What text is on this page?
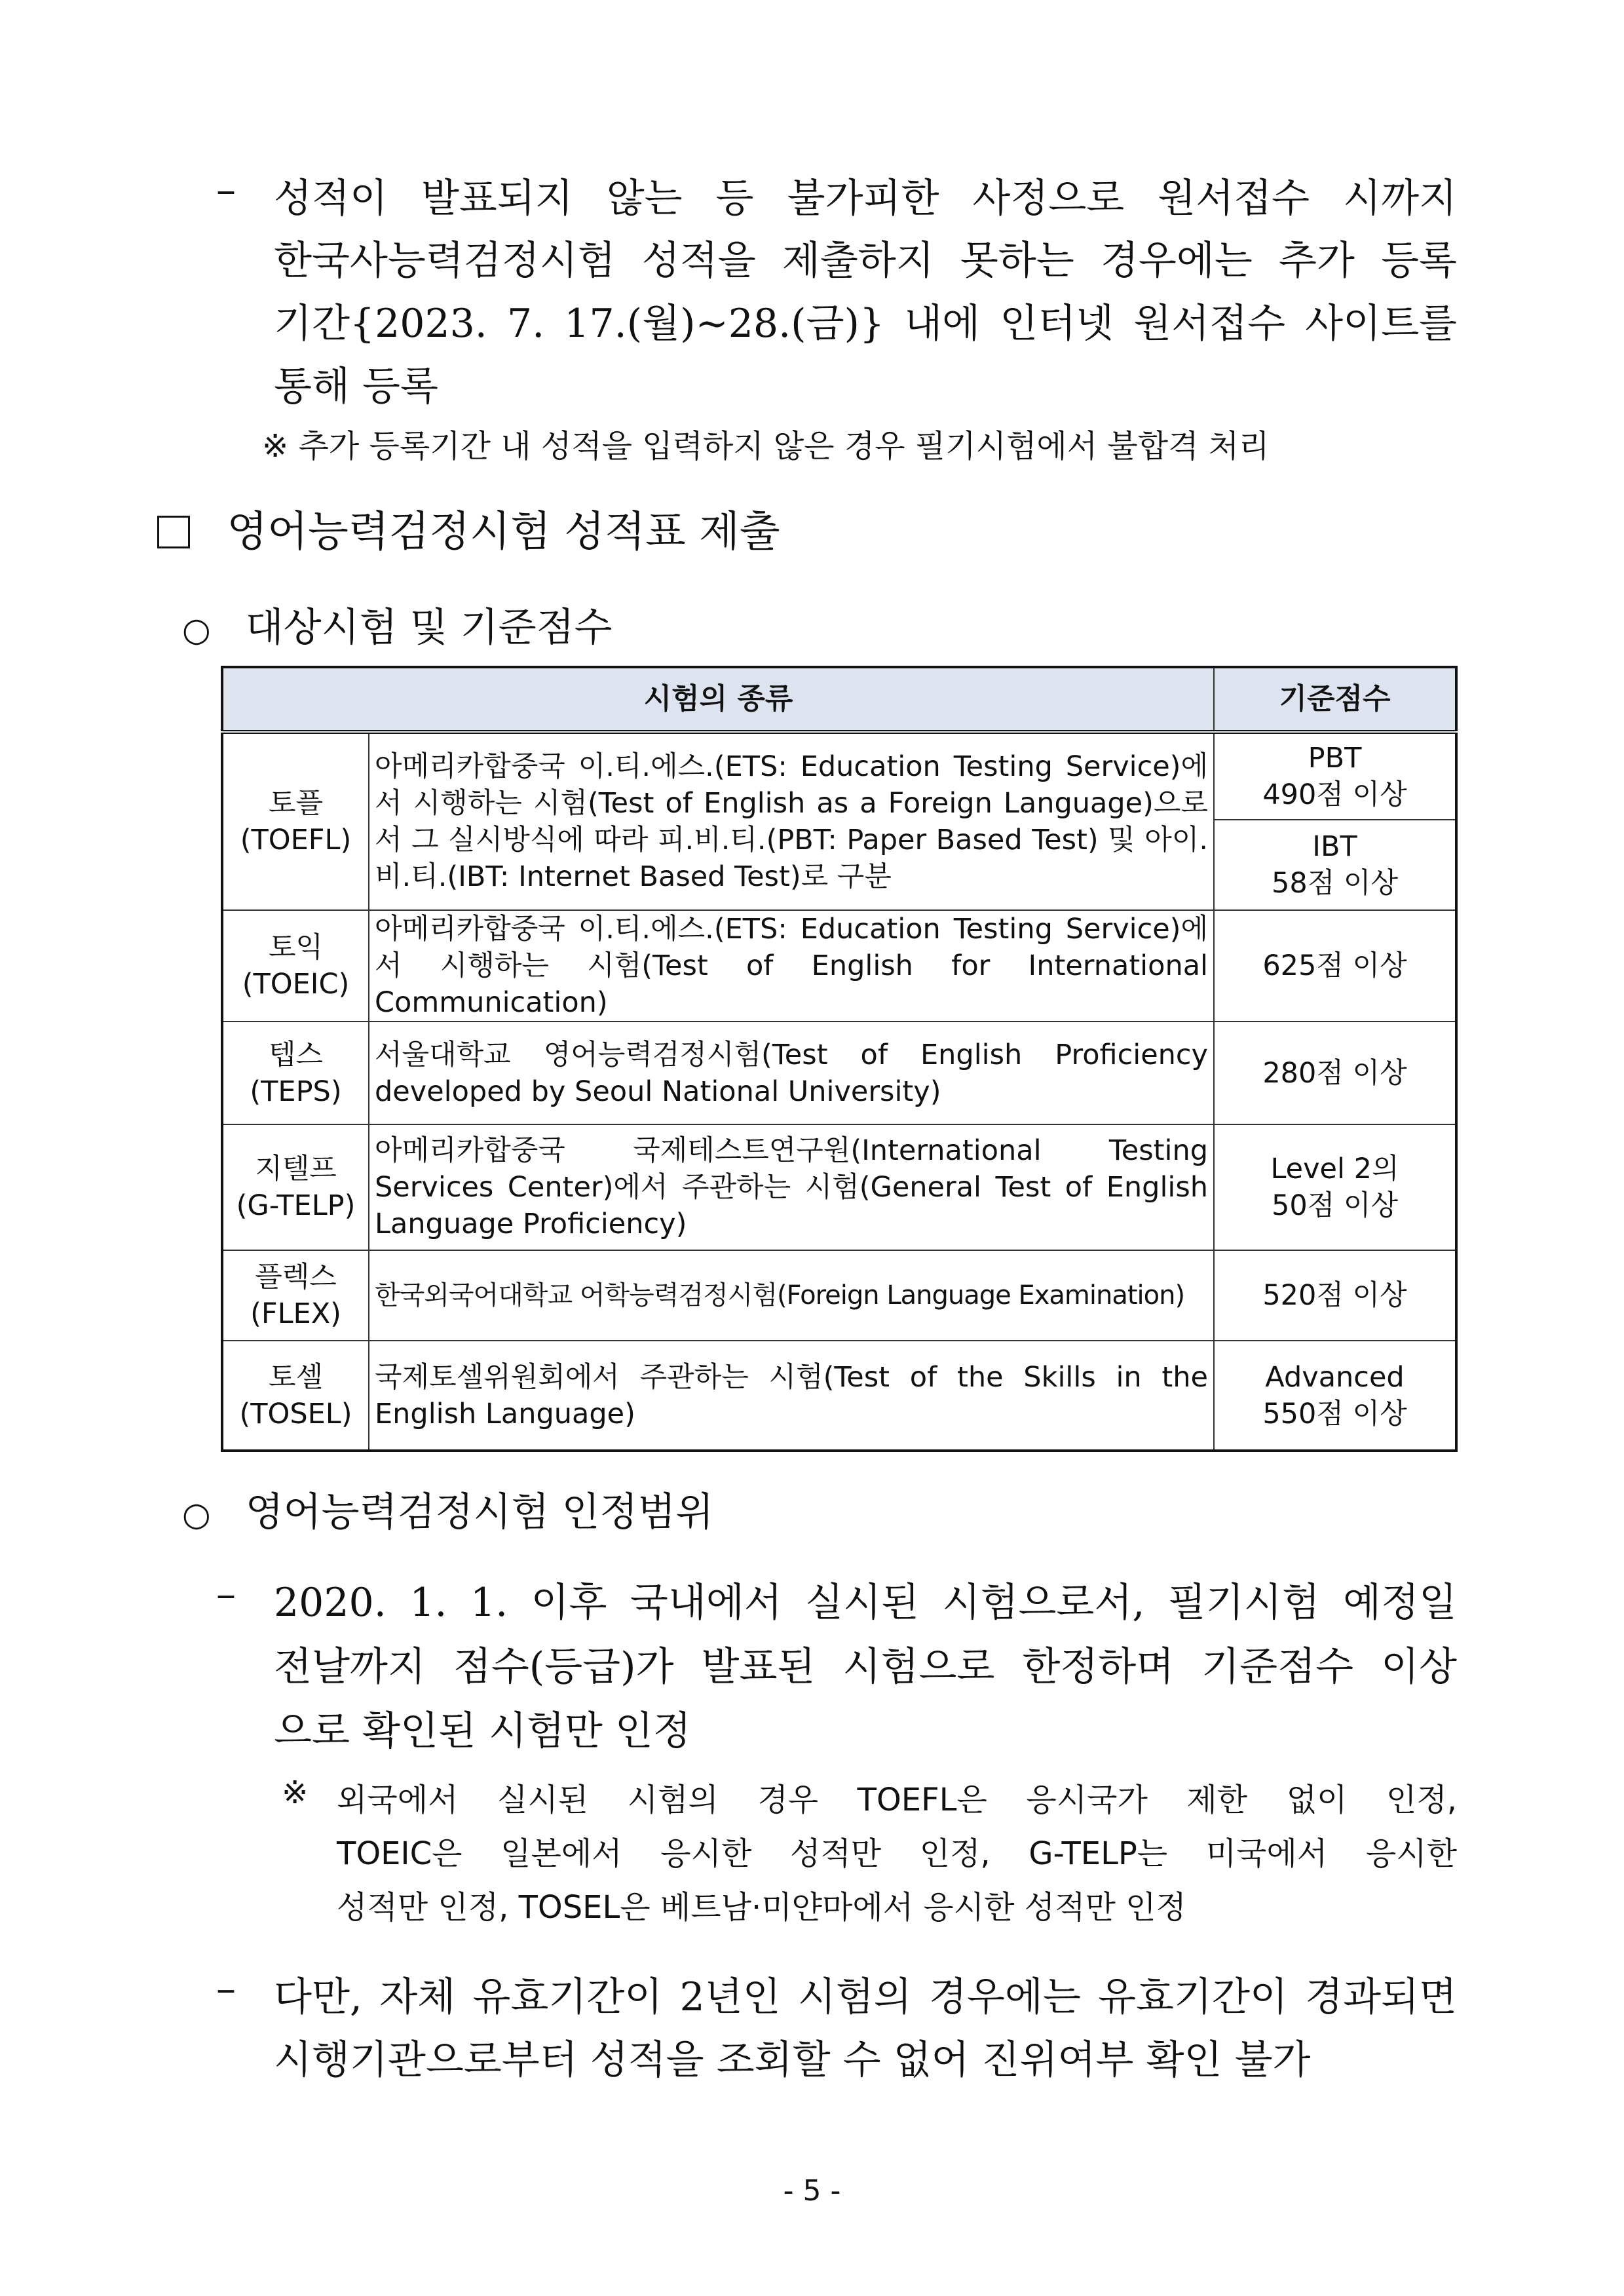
– 성적이 발표되지 않는 등 불가피한 사정으로 원서접수 시까지
한국사능력검정시험 성적을 제출하지 못하는 경우에는 추가 등록
기간{2023. 7. 17.(월)∼28.(금)} 내에 인터넷 원서접수 사이트를
통해 등록
※ 추가 등록기간 내 성적을 입력하지 않은 경우 필기시험에서 불합격 처리
영어능력검정시험 성적표 제출
○ 대상시험 및 기준점수
시험의 종류		기준점수
토플
(TOEFL)	아메리카합중국 이.티.에스.(ETS: Education Testing Service)에서 시행하는 시험(Test of English as a Foreign Language)으로서 그 실시방식에 따라 피.비.티.(PBT: Paper Based Test) 및 아이.비.티.(IBT: Internet Based Test)로 구분	PBT
490점 이상
		IBT
58점 이상
토익
(TOEIC)	아메리카합중국 이.티.에스.(ETS: Education Testing Service)에서 시행하는 시험(Test of English for International Communication)	625점 이상
텝스
(TEPS)	서울대학교 영어능력검정시험(Test of English Proficiency developed by Seoul National University)	280점 이상
지텔프
(G-TELP)	아메리카합중국 국제테스트연구원(International Testing Services Center)에서 주관하는 시험(General Test of English Language Proficiency)	Level 2의
50점 이상
플렉스
(FLEX)	한국외국어대학교 어학능력검정시험(Foreign Language Examination)	520점 이상
토셀
(TOSEL)	국제토셀위원회에서 주관하는 시험(Test of the Skills in the English Language)	Advanced
550점 이상
○ 영어능력검정시험 인정범위
– 2020. 1. 1. 이후 국내에서 실시된 시험으로서, 필기시험 예정일
전날까지 점수(등급)가 발표된 시험으로 한정하며 기준점수 이상
으로 확인된 시험만 인정
※ 외국에서 실시된 시험의 경우 TOEFL은 응시국가 제한 없이 인정,
TOEIC은 일본에서 응시한 성적만 인정, G-TELP는 미국에서 응시한
성적만 인정, TOSEL은 베트남·미얀마에서 응시한 성적만 인정
– 다만, 자체 유효기간이 2년인 시험의 경우에는 유효기간이 경과되면
시행기관으로부터 성적을 조회할 수 없어 진위여부 확인 불가
- 5 -
